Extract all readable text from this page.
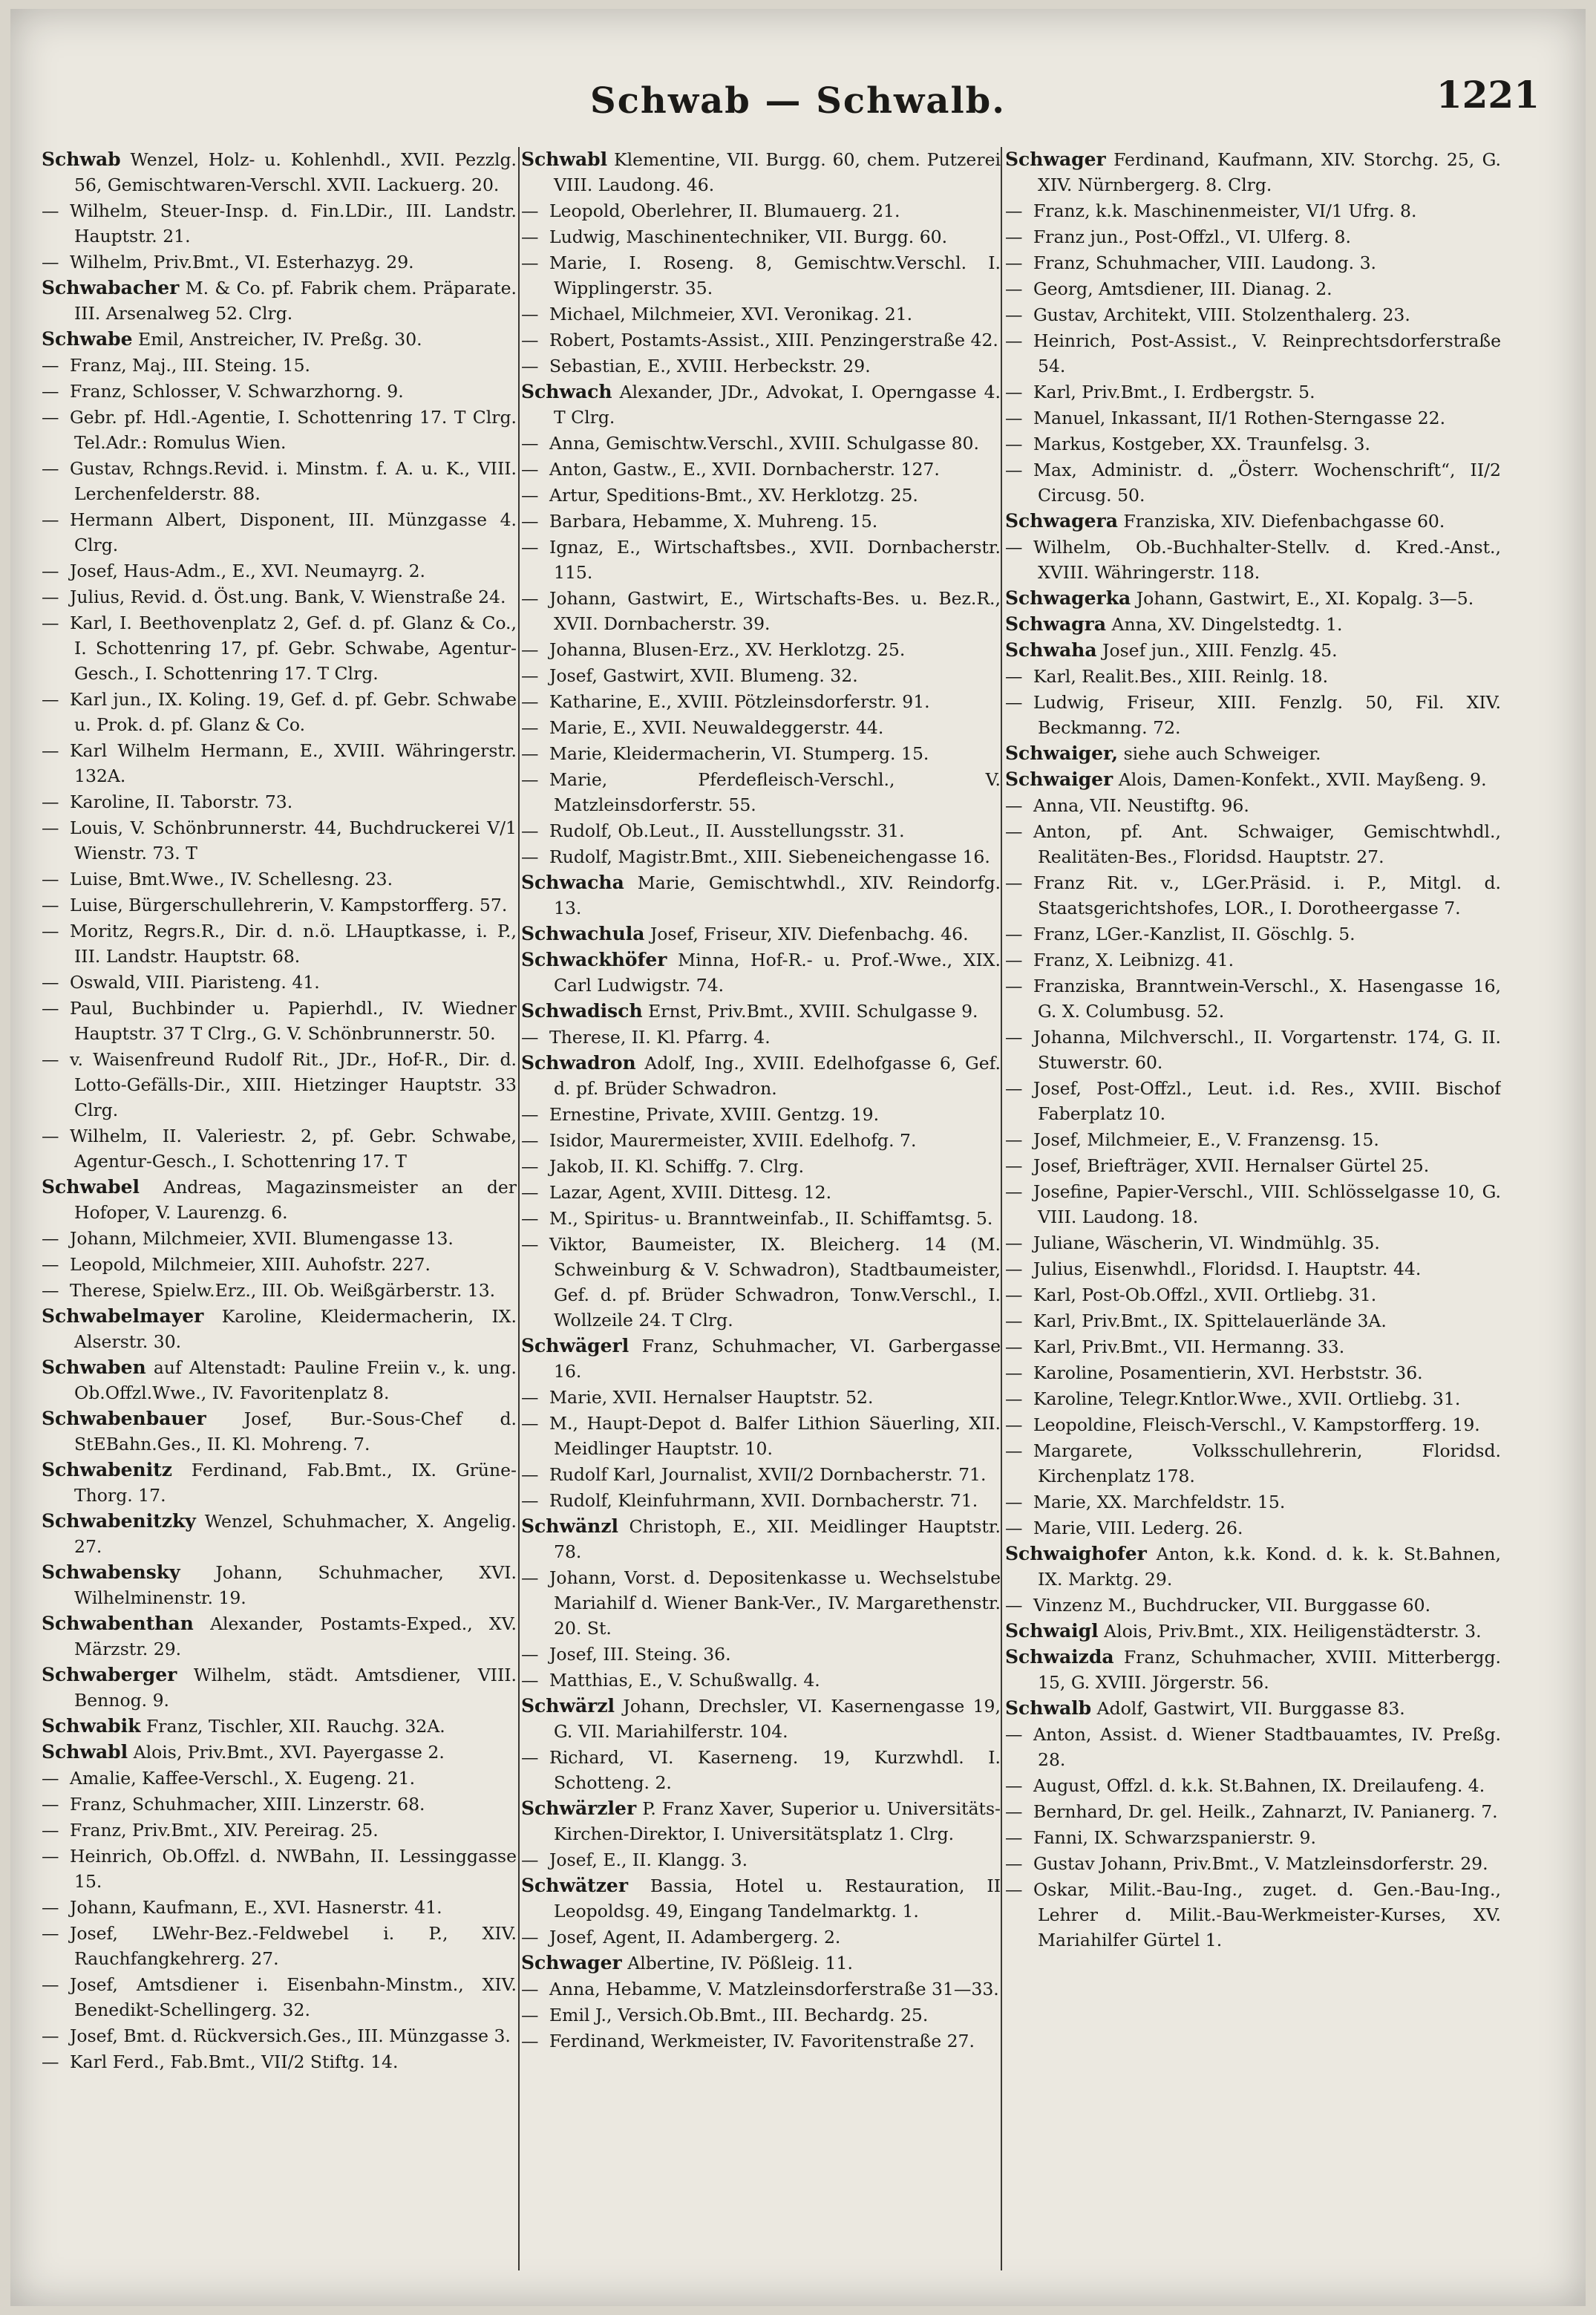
Schwab — Schwalb.	1221

Schwab Wenzel, Holz- u. Kohlenhdl., XVII. Pezzlg. 56, Gemischtwaren-Verschl. XVII. Lackuerg. 20.

— Wilhelm, Steuer-Insp. d. Fin.LDir., III. Landstr. Hauptstr. 21.

— Wilhelm, Priv.Bmt., VI. Esterhazyg. 29.

Schwabacher M. & Co. pf. Fabrik chem. Präparate. III. Arsenalweg 52. Clrg.

Schwabe Emil, Anstreicher, IV. Preßg. 30.

— Franz, Maj., III. Steing. 15.

— Franz, Schlosser, V. Schwarzhorng. 9.

— Gebr. pf. Hdl.-Agentie, I. Schottenring 17. T Clrg. Tel.Adr.: Romulus Wien.

— Gustav, Rchngs.Revid. i. Minstm. f. A. u. K., VIII. Lerchenfelderstr. 88.

— Hermann Albert, Disponent, III. Münzgasse 4. Clrg.

— Josef, Haus-Adm., E., XVI. Neumayrg. 2.

— Julius, Revid. d. Öst.ung. Bank, V. Wienstraße 24.

— Karl, I. Beethovenplatz 2, Gef. d. pf. Glanz & Co., I. Schottenring 17, pf. Gebr. Schwabe, Agentur-Gesch., I. Schottenring 17. T Clrg.

— Karl jun., IX. Koling. 19, Gef. d. pf. Gebr. Schwabe u. Prok. d. pf. Glanz & Co.

— Karl Wilhelm Hermann, E., XVIII. Währingerstr. 132A.

— Karoline, II. Taborstr. 73.

— Louis, V. Schönbrunnerstr. 44, Buchdruckerei V/1 Wienstr. 73. T

— Luise, Bmt.Wwe., IV. Schellesng. 23.

— Luise, Bürgerschullehrerin, V. Kampstorfferg. 57.

— Moritz, Regrs.R., Dir. d. n.ö. LHauptkasse, i. P., III. Landstr. Hauptstr. 68.

— Oswald, VIII. Piaristeng. 41.

— Paul, Buchbinder u. Papierhdl., IV. Wiedner Hauptstr. 37 T Clrg., G. V. Schönbrunnerstr. 50.

— v. Waisenfreund Rudolf Rit., JDr., Hof-R., Dir. d. Lotto-Gefälls-Dir., XIII. Hietzinger Hauptstr. 33 Clrg.

— Wilhelm, II. Valeriestr. 2, pf. Gebr. Schwabe, Agentur-Gesch., I. Schottenring 17. T

Schwabel Andreas, Magazinsmeister an der Hofoper, V. Laurenzg. 6.

— Johann, Milchmeier, XVII. Blumengasse 13.

— Leopold, Milchmeier, XIII. Auhofstr. 227.

— Therese, Spielw.Erz., III. Ob. Weißgärberstr. 13.

Schwabelmayer Karoline, Kleidermacherin, IX. Alserstr. 30.

Schwaben auf Altenstadt: Pauline Freiin v., k. ung. Ob.Offzl.Wwe., IV. Favoritenplatz 8.

Schwabenbauer Josef, Bur.-Sous-Chef d. StEBahn.Ges., II. Kl. Mohreng. 7.

Schwabenitz Ferdinand, Fab.Bmt., IX. Grüne-Thorg. 17.

Schwabenitzky Wenzel, Schuhmacher, X. Angelig. 27.

Schwabensky Johann, Schuhmacher, XVI. Wilhelminenstr. 19.

Schwabenthan Alexander, Postamts-Exped., XV. Märzstr. 29.

Schwaberger Wilhelm, städt. Amtsdiener, VIII. Bennog. 9.

Schwabik Franz, Tischler, XII. Rauchg. 32A.

Schwabl Alois, Priv.Bmt., XVI. Payergasse 2.

— Amalie, Kaffee-Verschl., X. Eugeng. 21.

— Franz, Schuhmacher, XIII. Linzerstr. 68.

— Franz, Priv.Bmt., XIV. Pereirag. 25.

— Heinrich, Ob.Offzl. d. NWBahn, II. Lessinggasse 15.

— Johann, Kaufmann, E., XVI. Hasnerstr. 41.

— Josef, LWehr-Bez.-Feldwebel i. P., XIV. Rauchfangkehrerg. 27.

— Josef, Amtsdiener i. Eisenbahn-Minstm., XIV. Benedikt-Schellingerg. 32.

— Josef, Bmt. d. Rückversich.Ges., III. Münzgasse 3.

— Karl Ferd., Fab.Bmt., VII/2 Stiftg. 14.

Schwabl Klementine, VII. Burgg. 60, chem. Putzerei VIII. Laudong. 46.

— Leopold, Oberlehrer, II. Blumauerg. 21.

— Ludwig, Maschinentechniker, VII. Burgg. 60.

— Marie, I. Roseng. 8, Gemischtw.Verschl. I. Wipplingerstr. 35.

— Michael, Milchmeier, XVI. Veronikag. 21.

— Robert, Postamts-Assist., XIII. Penzingerstraße 42.

— Sebastian, E., XVIII. Herbeckstr. 29.

Schwach Alexander, JDr., Advokat, I. Operngasse 4. T Clrg.

— Anna, Gemischtw.Verschl., XVIII. Schulgasse 80.

— Anton, Gastw., E., XVII. Dornbacherstr. 127.

— Artur, Speditions-Bmt., XV. Herklotzg. 25.

— Barbara, Hebamme, X. Muhreng. 15.

— Ignaz, E., Wirtschaftsbes., XVII. Dornbacherstr. 115.

— Johann, Gastwirt, E., Wirtschafts-Bes. u. Bez.R., XVII. Dornbacherstr. 39.

— Johanna, Blusen-Erz., XV. Herklotzg. 25.

— Josef, Gastwirt, XVII. Blumeng. 32.

— Katharine, E., XVIII. Pötzleinsdorferstr. 91.

— Marie, E., XVII. Neuwaldeggerstr. 44.

— Marie, Kleidermacherin, VI. Stumperg. 15.

— Marie, Pferdefleisch-Verschl., V. Matzleinsdorferstr. 55.

— Rudolf, Ob.Leut., II. Ausstellungsstr. 31.

— Rudolf, Magistr.Bmt., XIII. Siebeneichengasse 16.

Schwacha Marie, Gemischtwhdl., XIV. Reindorfg. 13.

Schwachula Josef, Friseur, XIV. Diefenbachg. 46.

Schwackhöfer Minna, Hof-R.- u. Prof.-Wwe., XIX. Carl Ludwigstr. 74.

Schwadisch Ernst, Priv.Bmt., XVIII. Schulgasse 9.

— Therese, II. Kl. Pfarrg. 4.

Schwadron Adolf, Ing., XVIII. Edelhofgasse 6, Gef. d. pf. Brüder Schwadron.

— Ernestine, Private, XVIII. Gentzg. 19.

— Isidor, Maurermeister, XVIII. Edelhofg. 7.

— Jakob, II. Kl. Schiffg. 7. Clrg.

— Lazar, Agent, XVIII. Dittesg. 12.

— M., Spiritus- u. Branntweinfab., II. Schiffamtsg. 5.

— Viktor, Baumeister, IX. Bleicherg. 14 (M. Schweinburg & V. Schwadron), Stadtbaumeister, Gef. d. pf. Brüder Schwadron, Tonw.Verschl., I. Wollzeile 24. T Clrg.

Schwägerl Franz, Schuhmacher, VI. Garbergasse 16.

— Marie, XVII. Hernalser Hauptstr. 52.

— M., Haupt-Depot d. Balfer Lithion Säuerling, XII. Meidlinger Hauptstr. 10.

— Rudolf Karl, Journalist, XVII/2 Dornbacherstr. 71.

— Rudolf, Kleinfuhrmann, XVII. Dornbacherstr. 71.

Schwänzl Christoph, E., XII. Meidlinger Hauptstr. 78.

— Johann, Vorst. d. Depositenkasse u. Wechselstube Mariahilf d. Wiener Bank-Ver., IV. Margarethenstr. 20. St.

— Josef, III. Steing. 36.

— Matthias, E., V. Schußwallg. 4.

Schwärzl Johann, Drechsler, VI. Kasernengasse 19, G. VII. Mariahilferstr. 104.

— Richard, VI. Kaserneng. 19, Kurzwhdl. I. Schotteng. 2.

Schwärzler P. Franz Xaver, Superior u. Universitäts-Kirchen-Direktor, I. Universitätsplatz 1. Clrg.

— Josef, E., II. Klangg. 3.

Schwätzer Bassia, Hotel u. Restauration, II Leopoldsg. 49, Eingang Tandelmarktg. 1.

— Josef, Agent, II. Adambergerg. 2.

Schwager Albertine, IV. Pößleig. 11.

— Anna, Hebamme, V. Matzleinsdorferstraße 31—33.

— Emil J., Versich.Ob.Bmt., III. Bechardg. 25.

— Ferdinand, Werkmeister, IV. Favoritenstraße 27.

Schwager Ferdinand, Kaufmann, XIV. Storchg. 25, G. XIV. Nürnbergerg. 8. Clrg.

— Franz, k.k. Maschinenmeister, VI/1 Ufrg. 8.

— Franz jun., Post-Offzl., VI. Ulferg. 8.

— Franz, Schuhmacher, VIII. Laudong. 3.

— Georg, Amtsdiener, III. Dianag. 2.

— Gustav, Architekt, VIII. Stolzenthalerg. 23.

— Heinrich, Post-Assist., V. Reinprechtsdorferstraße 54.

— Karl, Priv.Bmt., I. Erdbergstr. 5.

— Manuel, Inkassant, II/1 Rothen-Sterngasse 22.

— Markus, Kostgeber, XX. Traunfelsg. 3.

— Max, Administr. d. „Österr. Wochenschrift“, II/2 Circusg. 50.

Schwagera Franziska, XIV. Diefenbachgasse 60.

— Wilhelm, Ob.-Buchhalter-Stellv. d. Kred.-Anst., XVIII. Währingerstr. 118.

Schwagerka Johann, Gastwirt, E., XI. Kopalg. 3—5.

Schwagra Anna, XV. Dingelstedtg. 1.

Schwaha Josef jun., XIII. Fenzlg. 45.

— Karl, Realit.Bes., XIII. Reinlg. 18.

— Ludwig, Friseur, XIII. Fenzlg. 50, Fil. XIV. Beckmanng. 72.

Schwaiger, siehe auch Schweiger.

Schwaiger Alois, Damen-Konfekt., XVII. Mayßeng. 9.

— Anna, VII. Neustiftg. 96.

— Anton, pf. Ant. Schwaiger, Gemischtwhdl., Realitäten-Bes., Floridsd. Hauptstr. 27.

— Franz Rit. v., LGer.Präsid. i. P., Mitgl. d. Staatsgerichtshofes, LOR., I. Dorotheergasse 7.

— Franz, LGer.-Kanzlist, II. Göschlg. 5.

— Franz, X. Leibnizg. 41.

— Franziska, Branntwein-Verschl., X. Hasengasse 16, G. X. Columbusg. 52.

— Johanna, Milchverschl., II. Vorgartenstr. 174, G. II. Stuwerstr. 60.

— Josef, Post-Offzl., Leut. i.d. Res., XVIII. Bischof Faberplatz 10.

— Josef, Milchmeier, E., V. Franzensg. 15.

— Josef, Briefträger, XVII. Hernalser Gürtel 25.

— Josefine, Papier-Verschl., VIII. Schlösselgasse 10, G. VIII. Laudong. 18.

— Juliane, Wäscherin, VI. Windmühlg. 35.

— Julius, Eisenwhdl., Floridsd. I. Hauptstr. 44.

— Karl, Post-Ob.Offzl., XVII. Ortliebg. 31.

— Karl, Priv.Bmt., IX. Spittelauerlände 3A.

— Karl, Priv.Bmt., VII. Hermanng. 33.

— Karoline, Posamentierin, XVI. Herbststr. 36.

— Karoline, Telegr.Kntlor.Wwe., XVII. Ortliebg. 31.

— Leopoldine, Fleisch-Verschl., V. Kampstorfferg. 19.

— Margarete, Volksschullehrerin, Floridsd. Kirchenplatz 178.

— Marie, XX. Marchfeldstr. 15.

— Marie, VIII. Lederg. 26.

Schwaighofer Anton, k.k. Kond. d. k. k. St.Bahnen, IX. Marktg. 29.

— Vinzenz M., Buchdrucker, VII. Burggasse 60.

Schwaigl Alois, Priv.Bmt., XIX. Heiligenstädterstr. 3.

Schwaizda Franz, Schuhmacher, XVIII. Mitterbergg. 15, G. XVIII. Jörgerstr. 56.

Schwalb Adolf, Gastwirt, VII. Burggasse 83.

— Anton, Assist. d. Wiener Stadtbauamtes, IV. Preßg. 28.

— August, Offzl. d. k.k. St.Bahnen, IX. Dreilaufeng. 4.

— Bernhard, Dr. gel. Heilk., Zahnarzt, IV. Panianerg. 7.

— Fanni, IX. Schwarzspanierstr. 9.

— Gustav Johann, Priv.Bmt., V. Matzleinsdorferstr. 29.

— Oskar, Milit.-Bau-Ing., zuget. d. Gen.-Bau-Ing., Lehrer d. Milit.-Bau-Werkmeister-Kurses, XV. Mariahilfer Gürtel 1.
